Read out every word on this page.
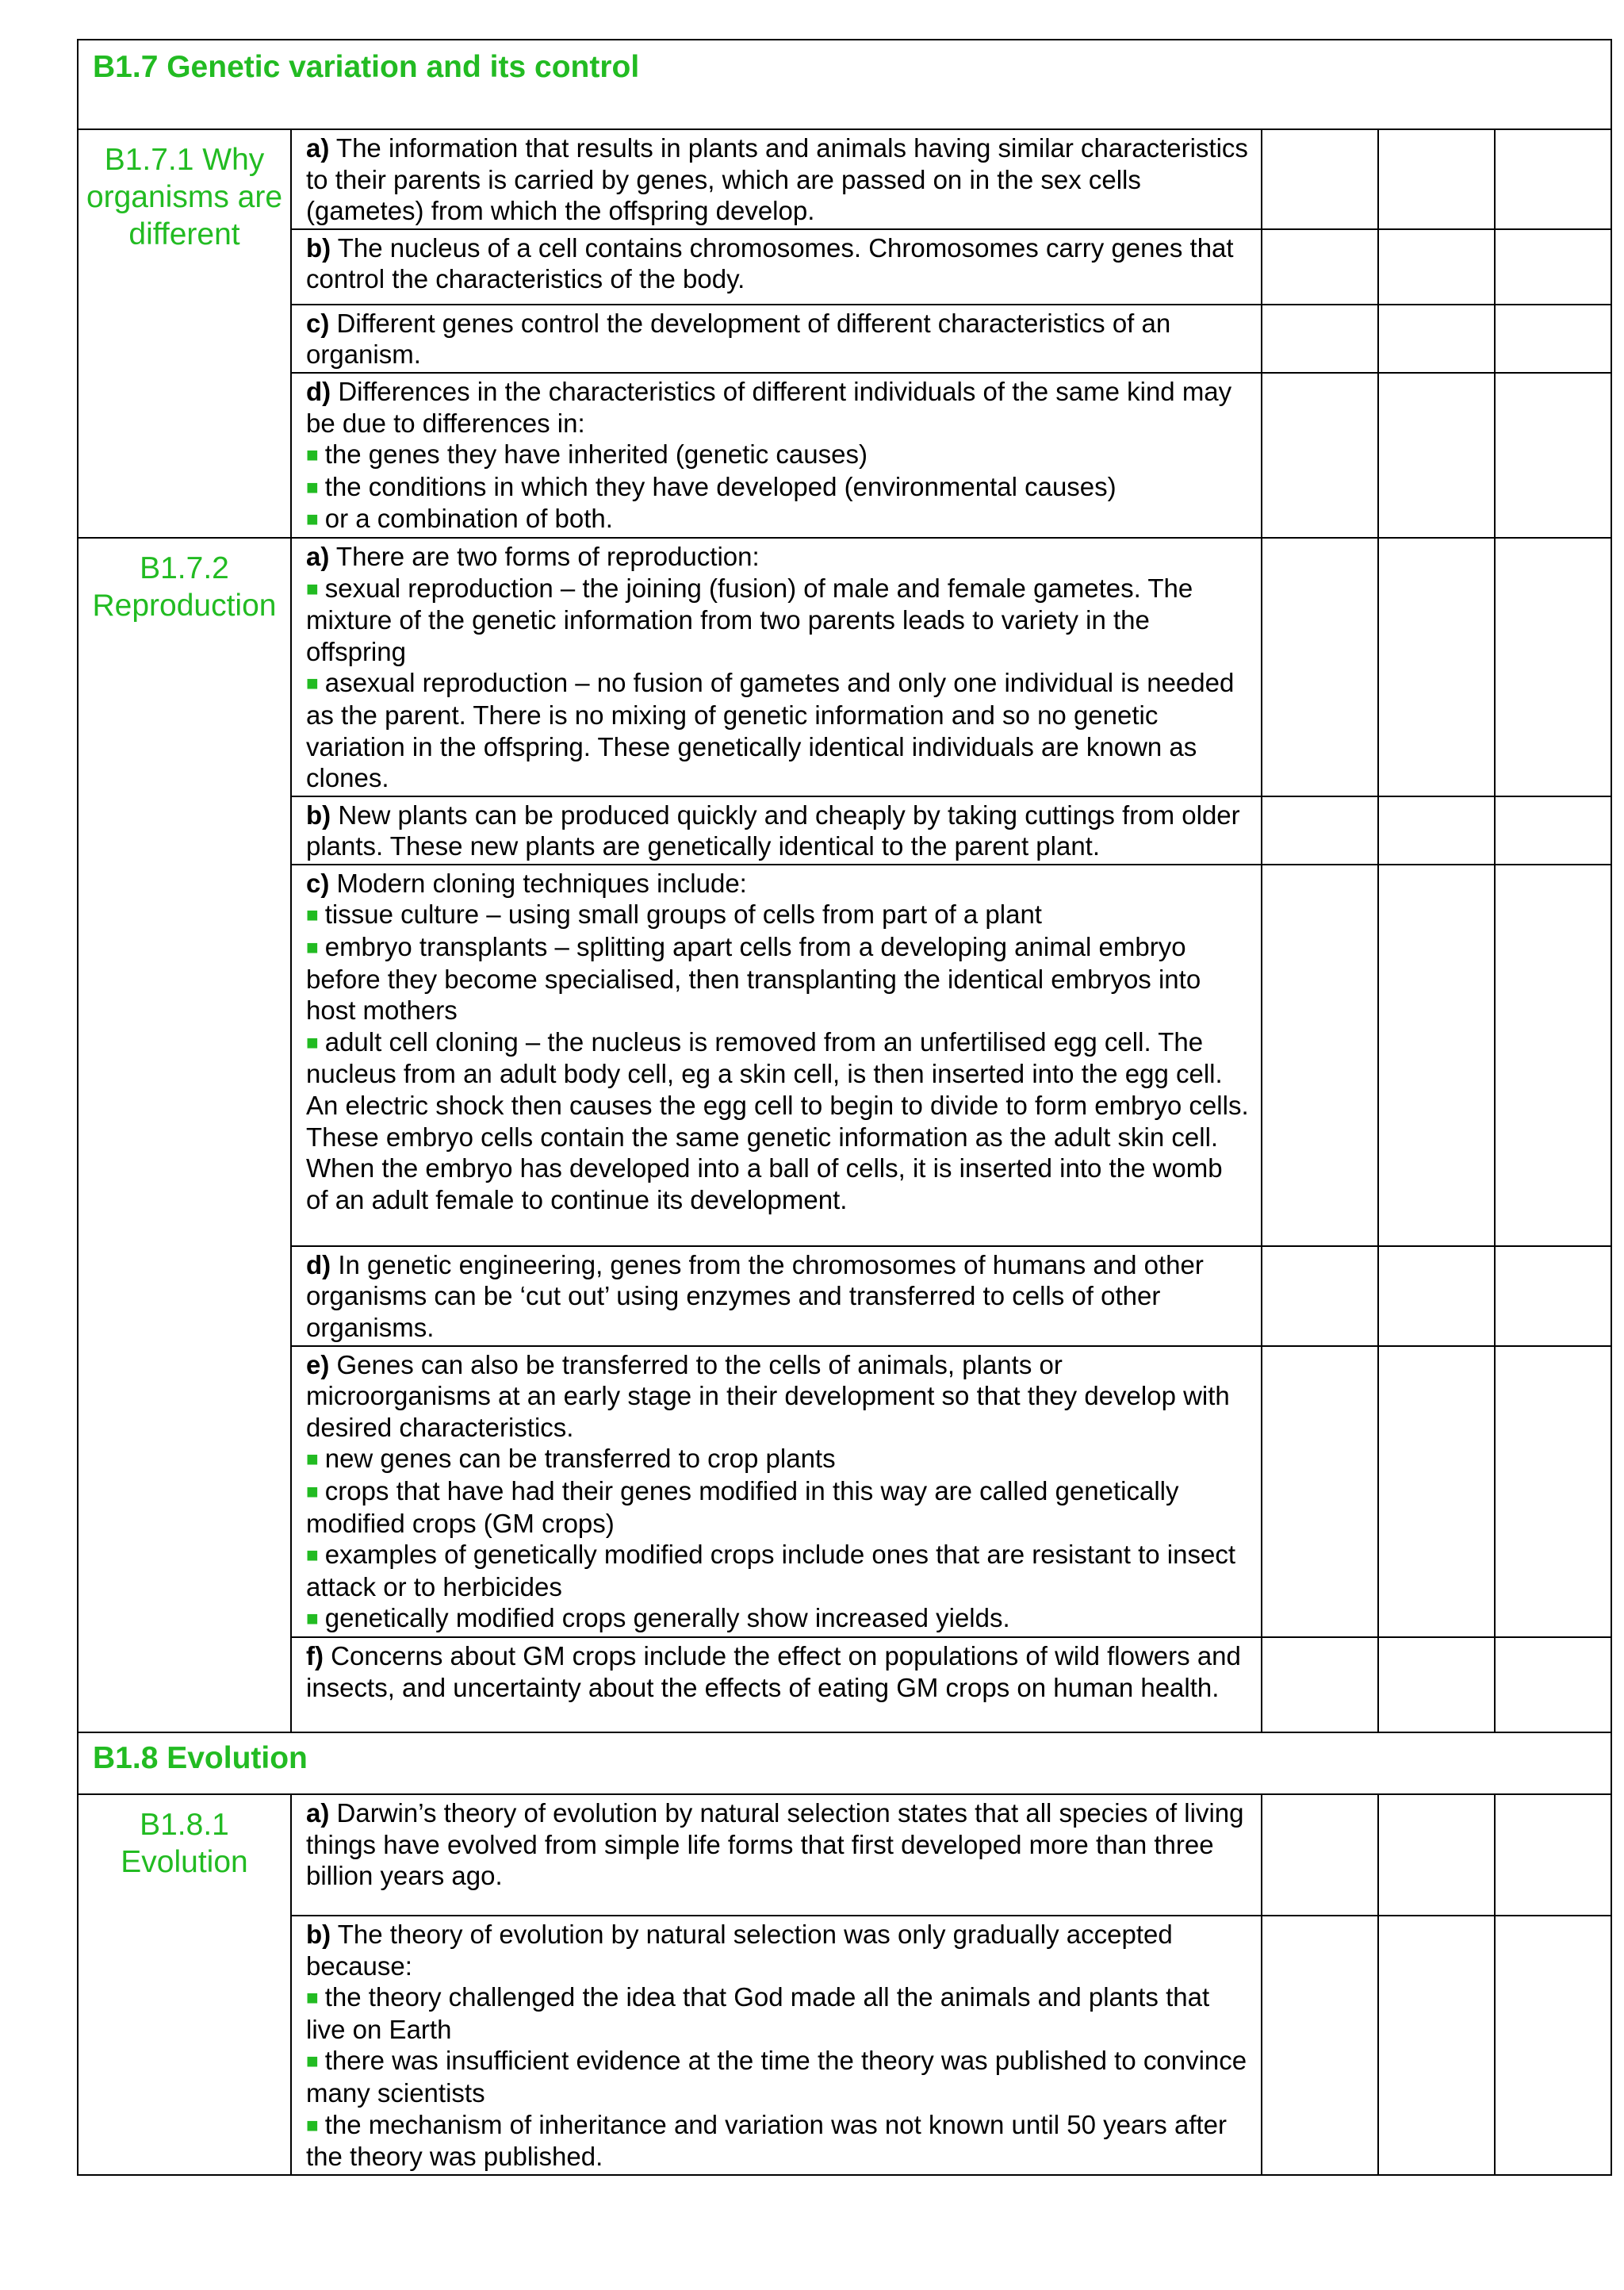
B1.7 Genetic variation and its control				
B1.7.1 Why organisms are different	a) The information that results in plants and animals having similar characteristics to their parents is carried by genes, which are passed on in the sex cells (gametes) from which the offspring develop.			
	b) The nucleus of a cell contains chromosomes. Chromosomes carry genes that control the characteristics of the body.			
	c) Different genes control the development of different characteristics of an organism.			
	d) Differences in the characteristics of different individuals of the same kind may be due to differences in:
■ the genes they have inherited (genetic causes)
■ the conditions in which they have developed (environmental causes)
■ or a combination of both.			

B1.7.2 Reproduction	a) There are two forms of reproduction:
■ sexual reproduction – the joining (fusion) of male and female gametes. The mixture of the genetic information from two parents leads to variety in the offspring
■ asexual reproduction – no fusion of gametes and only one individual is needed as the parent. There is no mixing of genetic information and so no genetic variation in the offspring. These genetically identical individuals are known as clones.			

	b) New plants can be produced quickly and cheaply by taking cuttings from older plants. These new plants are genetically identical to the parent plant.			
	c) Modern cloning techniques include:
■ tissue culture – using small groups of cells from part of a plant
■ embryo transplants – splitting apart cells from a developing animal embryo before they become specialised, then transplanting the identical embryos into host mothers
■ adult cell cloning – the nucleus is removed from an unfertilised egg cell. The nucleus from an adult body cell, eg a skin cell, is then inserted into the egg cell. An electric shock then causes the egg cell to begin to divide to form embryo cells.
These embryo cells contain the same genetic information as the adult skin cell. When the embryo has developed into a ball of cells, it is inserted into the womb of an adult female to continue its development.			

	d) In genetic engineering, genes from the chromosomes of humans and other organisms can be ‘cut out’ using enzymes and transferred to cells of other organisms.			
	e) Genes can also be transferred to the cells of animals, plants or microorganisms at an early stage in their development so that they develop with desired characteristics.
■ new genes can be transferred to crop plants
■ crops that have had their genes modified in this way are called genetically modified crops (GM crops)
■ examples of genetically modified crops include ones that are resistant to insect attack or to herbicides
■ genetically modified crops generally show increased yields.			

	f) Concerns about GM crops include the effect on populations of wild flowers and insects, and uncertainty about the effects of eating GM crops on human health.			
B1.8 Evolution				
B1.8.1 Evolution	a) Darwin’s theory of evolution by natural selection states that all species of living things have evolved from simple life forms that first developed more than three billion years ago.			
	b) The theory of evolution by natural selection was only gradually accepted because:
■ the theory challenged the idea that God made all the animals and plants that live on Earth
■ there was insufficient evidence at the time the theory was published to convince many scientists
■ the mechanism of inheritance and variation was not known until 50 years after the theory was published.			
